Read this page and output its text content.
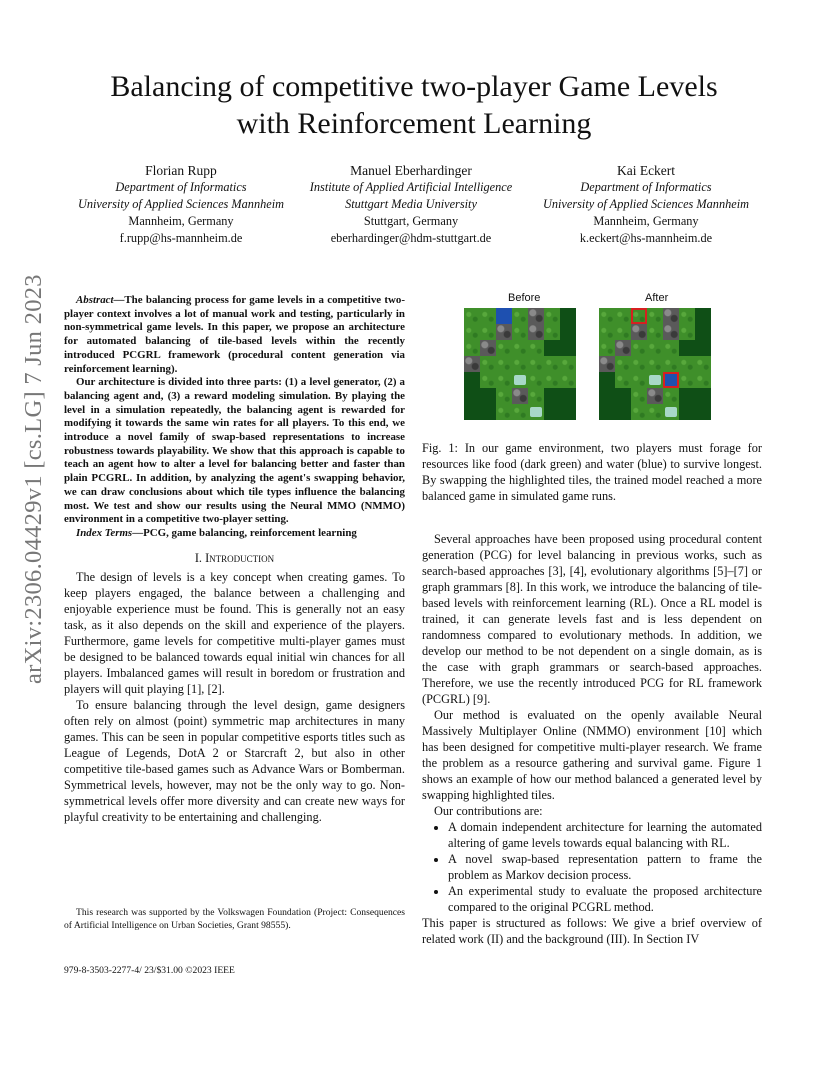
Balancing of competitive two-player Game Levels
with Reinforcement Learning
Florian Rupp
Department of Informatics
University of Applied Sciences Mannheim
Mannheim, Germany
f.rupp@hs-mannheim.de
Manuel Eberhardinger
Institute of Applied Artificial Intelligence
Stuttgart Media University
Stuttgart, Germany
eberhardinger@hdm-stuttgart.de
Kai Eckert
Department of Informatics
University of Applied Sciences Mannheim
Mannheim, Germany
k.eckert@hs-mannheim.de
arXiv:2306.04429v1 [cs.LG] 7 Jun 2023	Abstract—The balancing process for game levels in a competitive two-player context involves a lot of manual work and testing, particularly in non-symmetrical game levels. In this paper, we propose an architecture for automated balancing of tile-based levels within the recently introduced PCGRL framework (procedural content generation via reinforcement learning).

Our architecture is divided into three parts: (1) a level generator, (2) a balancing agent and, (3) a reward modeling simulation. By playing the level in a simulation repeatedly, the balancing agent is rewarded for modifying it towards the same win rates for all players. To this end, we introduce a novel family of swap-based representations to increase robustness towards playability. We show that this approach is capable to teach an agent how to alter a level for balancing better and faster than plain PCGRL. In addition, by analyzing the agent's swapping behavior, we can draw conclusions about which tile types influence the balancing most. We test and show our results using the Neural MMO (NMMO) environment in a competitive two-player setting.

Index Terms—PCG, game balancing, reinforcement learning

I. Introduction

The design of levels is a key concept when creating games. To keep players engaged, the balance between a challenging and enjoyable experience must be found. This is generally not an easy task, as it also depends on the skill and experience of the players. Furthermore, game levels for competitive multi-player games must be designed to be balanced towards equal initial win chances for all players. Imbalanced games will result in boredom or frustration and players will quit playing [1], [2].

To ensure balancing through the level design, game designers often rely on almost (point) symmetric map architectures in many games. This can be seen in popular competitive esports titles such as League of Legends, DotA 2 or Starcraft 2, but also in other competitive tile-based games such as Advance Wars or Bomberman. Symmetrical levels, however, may not be the only way to go. Non-symmetrical levels offer more diversity and can create new ways for playful creativity to be entertaining and challenging.

This research was supported by the Volkswagen Foundation (Project: Consequences of Artificial Intelligence on Urban Societies, Grant 98555).

979-8-3503-2277-4/ 23/$31.00 ©2023 IEEE
Before	After
Fig. 1: In our game environment, two players must forage for resources like food (dark green) and water (blue) to survive longest. By swapping the highlighted tiles, the trained model reached a more balanced game in simulated game runs.

Several approaches have been proposed using procedural content generation (PCG) for level balancing in previous works, such as search-based approaches [3], [4], evolutionary algorithms [5]–[7] or graph grammars [8]. In this work, we introduce the balancing of tile-based levels with reinforcement learning (RL). Once a RL model is trained, it can generate levels fast and is less dependent on randomness compared to evolutionary methods. In addition, we develop our method to be not dependent on a single domain, as is the case with graph grammars or search-based approaches. Therefore, we use the recently introduced PCG for RL framework (PCGRL) [9].

Our method is evaluated on the openly available Neural Massively Multiplayer Online (NMMO) environment [10] which has been designed for competitive multi-player research. We frame the problem as a resource gathering and survival game. Figure 1 shows an example of how our method balanced a generated level by swapping highlighted tiles.

Our contributions are:

• A domain independent architecture for learning the automated altering of game levels towards equal balancing with RL.
• A novel swap-based representation pattern to frame the problem as Markov decision process.
• An experimental study to evaluate the proposed architecture compared to the original PCGRL method.

This paper is structured as follows: We give a brief overview of related work (II) and the background (III). In Section IV
